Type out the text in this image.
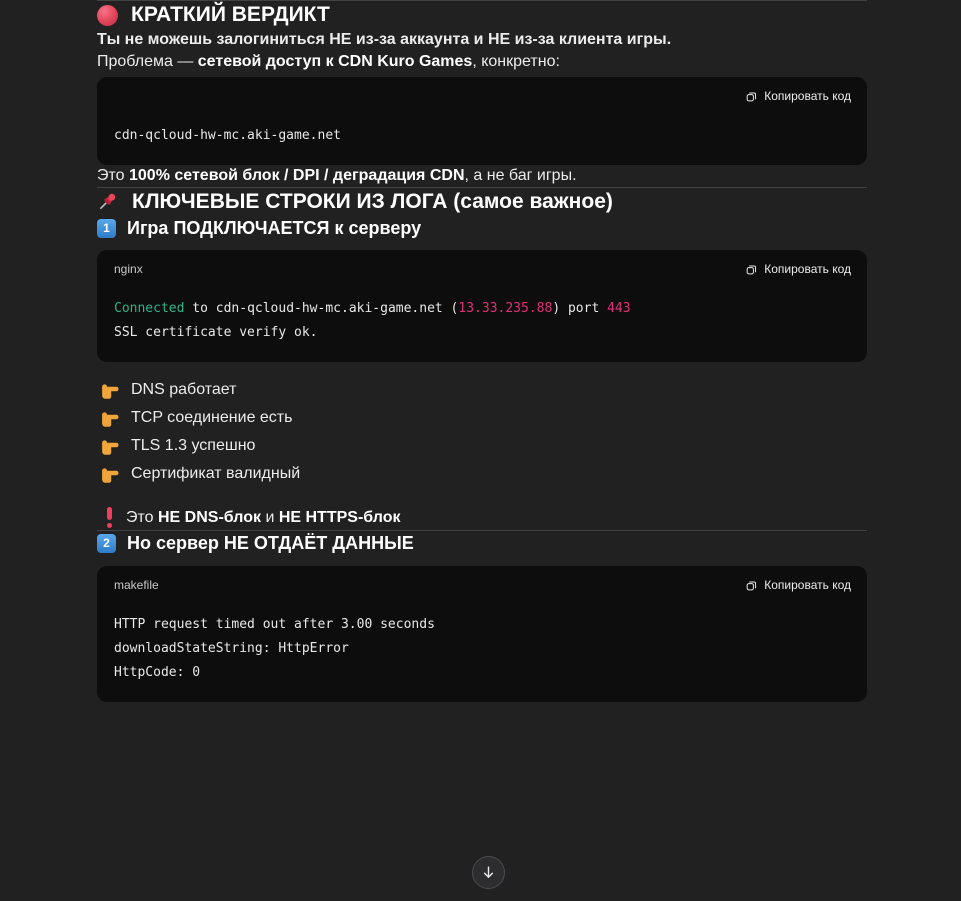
КРАТКИЙ ВЕРДИКТ

Ты не можешь залогиниться НЕ из-за аккаунта и НЕ из-за клиента игры.

Проблема — сетевой доступ к CDN Kuro Games, конкретно:

Копировать код
cdn-qcloud-hw-mc.aki-game.net

Это 100% сетевой блок / DPI / деградация CDN, а не баг игры.

КЛЮЧЕВЫЕ СТРОКИ ИЗ ЛОГА (самое важное)
1 Игра ПОДКЛЮЧАЕТСЯ к серверу
nginx	Копировать код
Connected to cdn-qcloud-hw-mc.aki-game.net (13.33.235.88) port 443
SSL certificate verify ok.
DNS работает
TCP соединение есть
TLS 1.3 успешно
Сертификат валидный
Это НЕ DNS-блок и НЕ HTTPS-блок
2 Но сервер НЕ ОТДАЁТ ДАННЫЕ
makefile	Копировать код
HTTP request timed out after 3.00 seconds
downloadStateString: HttpError
HttpCode: 0
